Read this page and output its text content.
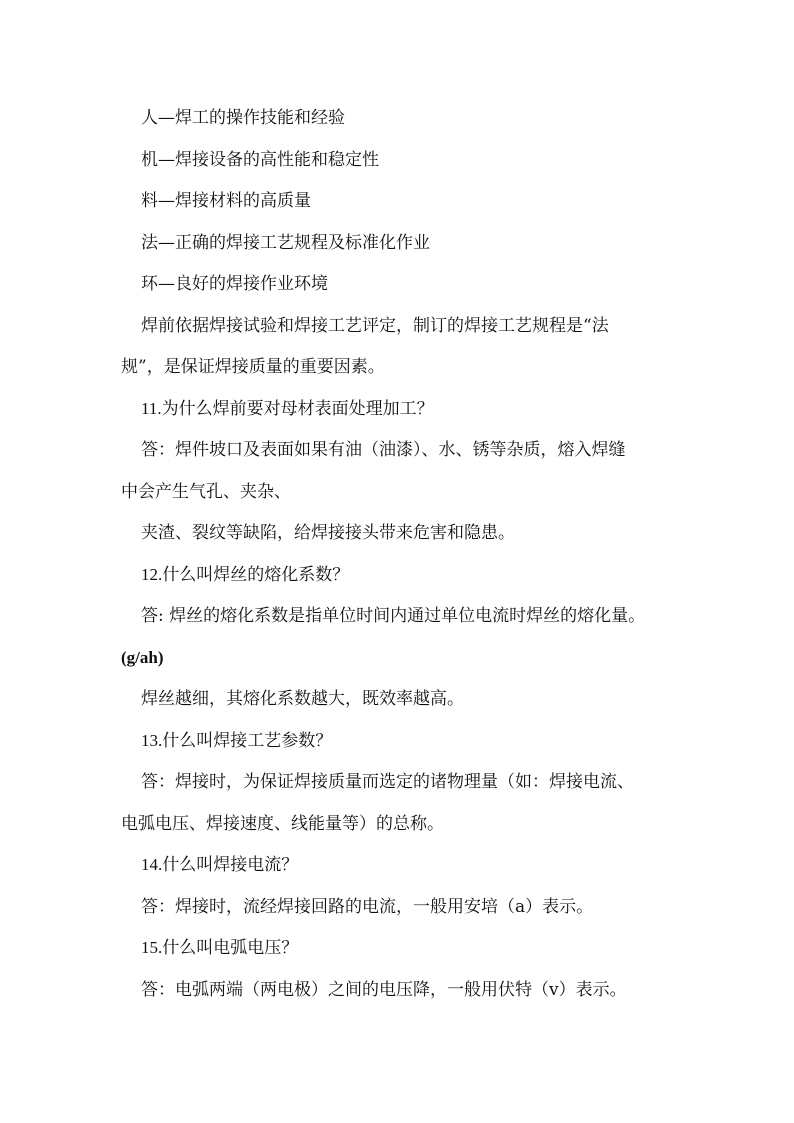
人—焊工的操作技能和经验
机—焊接设备的高性能和稳定性
料—焊接材料的高质量
法—正确的焊接工艺规程及标准化作业
环—良好的焊接作业环境
焊前依据焊接试验和焊接工艺评定，制订的焊接工艺规程是“法
规”，是保证焊接质量的重要因素。
11.为什么焊前要对母材表面处理加工？
答：焊件坡口及表面如果有油（油漆）、水、锈等杂质，熔入焊缝
中会产生气孔、夹杂、
夹渣、裂纹等缺陷，给焊接接头带来危害和隐患。
12.什么叫焊丝的熔化系数？
答: 焊丝的熔化系数是指单位时间内通过单位电流时焊丝的熔化量。
(g/ah)
焊丝越细，其熔化系数越大，既效率越高。
13.什么叫焊接工艺参数？
答：焊接时，为保证焊接质量而选定的诸物理量（如：焊接电流、
电弧电压、焊接速度、线能量等）的总称。
14.什么叫焊接电流？
答：焊接时，流经焊接回路的电流，一般用安培（a）表示。
15.什么叫电弧电压？
答：电弧两端（两电极）之间的电压降，一般用伏特（v）表示。
